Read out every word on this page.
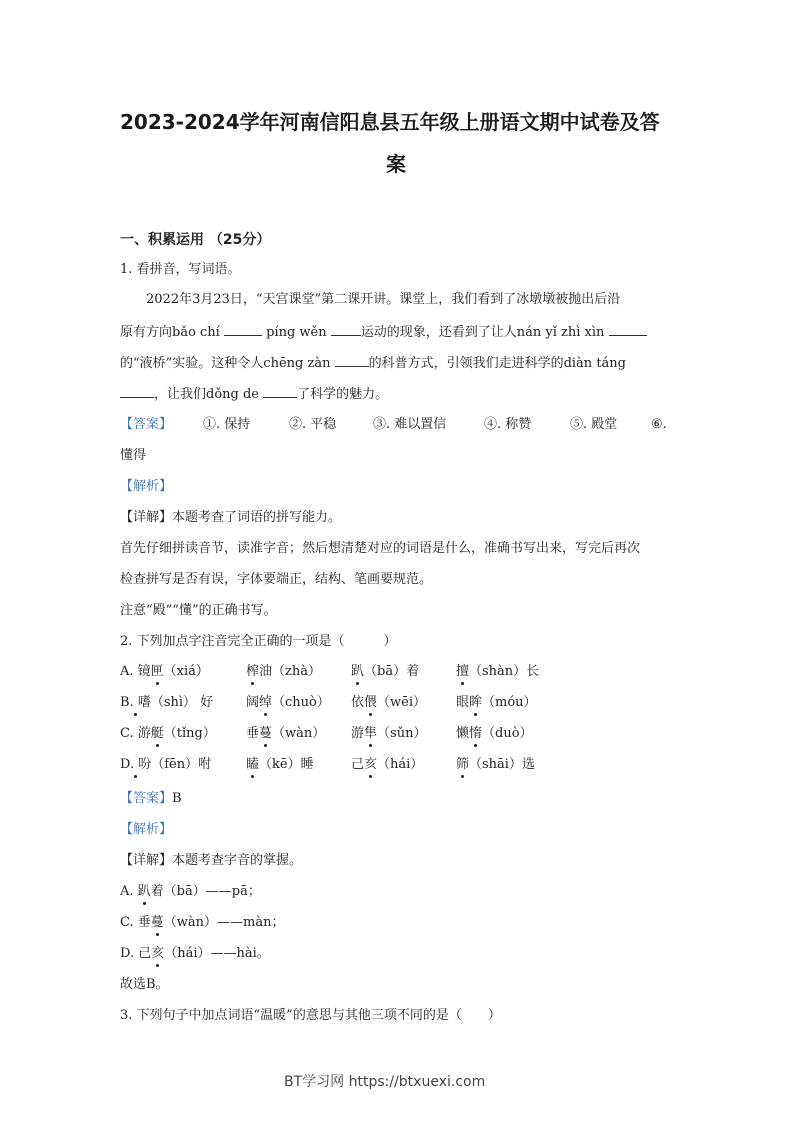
2023-2024学年河南信阳息县五年级上册语文期中试卷及答
案
一、积累运用 （25分）
1. 看拼音，写词语。
2022年3月23日，“天宫课堂”第二课开讲。课堂上，我们看到了冰墩墩被抛出后沿
原有方向bǎo chí	píng wěn 运动的现象，还看到了让人nán yǐ zhì xìn
的“液桥”实验。这种令人chēng zàn	的科普方式，引领我们走进科学的diàn táng
，让我们dǒng de	了科学的魅力。
【答案】 ①. 保持	②. 平稳	③. 难以置信	④. 称赞	⑤. 殿堂	⑥.
懂得
【解析】
【详解】本题考查了词语的拼写能力。
首先仔细拼读音节，读准字音；然后想清楚对应的词语是什么，准确书写出来，写完后再次
检查拼写是否有误，字体要端正，结构、笔画要规范。
注意“殿”“懂”的正确书写。
2. 下列加点字注音完全正确的一项是（　　　）
A. 镜匣（xiá）	榨油（zhà） 趴（bā）着	擅（shàn）长
B. 嗜（shì） 好	阔绰（chuò） 依偎（wēi） 眼眸（móu）
C. 游艇（tǐng） 垂蔓（wàn） 游隼（sǔn） 懒惰（duò）
D. 吩（fēn）咐	瞌（kē）睡	己亥（hái）	筛（shāi）选
【答案】B
【解析】
【详解】本题考查字音的掌握。
A. 趴着（bā）——pā；
C. 垂蔓（wàn）——màn；
D. 己亥（hái）——hài。
故选B。
3. 下列句子中加点词语“温暖”的意思与其他三项不同的是（　　）
BT学习网 https://btxuexi.com
